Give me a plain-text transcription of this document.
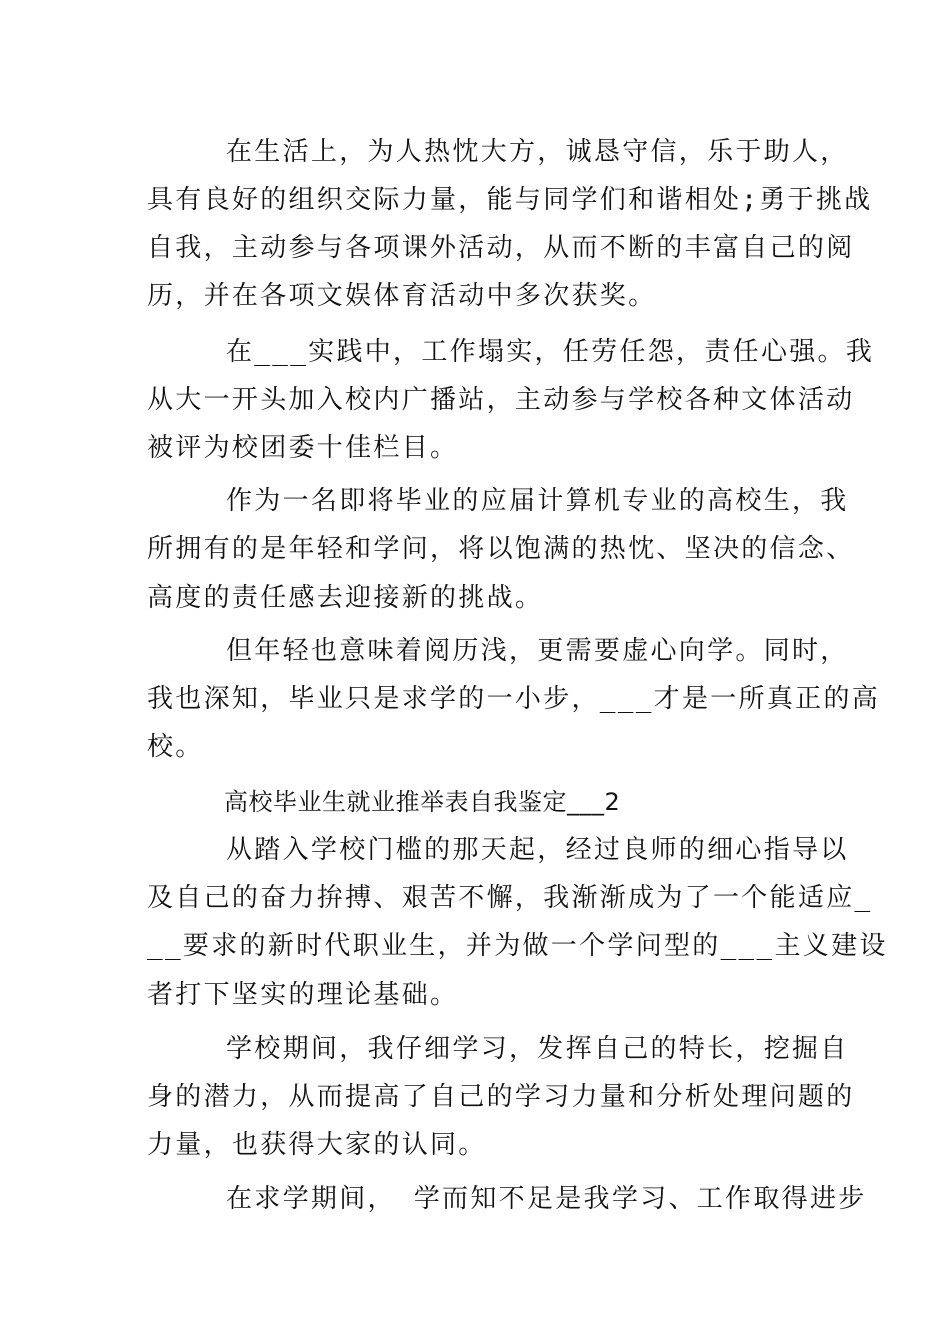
在生活上，为人热忱大方，诚恳守信，乐于助人，
具有良好的组织交际力量，能与同学们和谐相处;勇于挑战
自我，主动参与各项课外活动，从而不断的丰富自己的阅
历，并在各项文娱体育活动中多次获奖。
在___实践中，工作塌实，任劳任怨，责任心强。我
从大一开头加入校内广播站，主动参与学校各种文体活动
被评为校团委十佳栏目。
作为一名即将毕业的应届计算机专业的高校生，我
所拥有的是年轻和学问，将以饱满的热忱、坚决的信念、
高度的责任感去迎接新的挑战。
但年轻也意味着阅历浅，更需要虚心向学。同时，
我也深知，毕业只是求学的一小步，___才是一所真正的高
校。
高校毕业生就业推举表自我鉴定___2
从踏入学校门槛的那天起，经过良师的细心指导以
及自己的奋力拚搏、艰苦不懈，我渐渐成为了一个能适应_
__要求的新时代职业生，并为做一个学问型的___主义建设
者打下坚实的理论基础。
学校期间，我仔细学习，发挥自己的特长，挖掘自
身的潜力，从而提高了自己的学习力量和分析处理问题的
力量，也获得大家的认同。
在求学期间， 学而知不足是我学习、工作取得进步
